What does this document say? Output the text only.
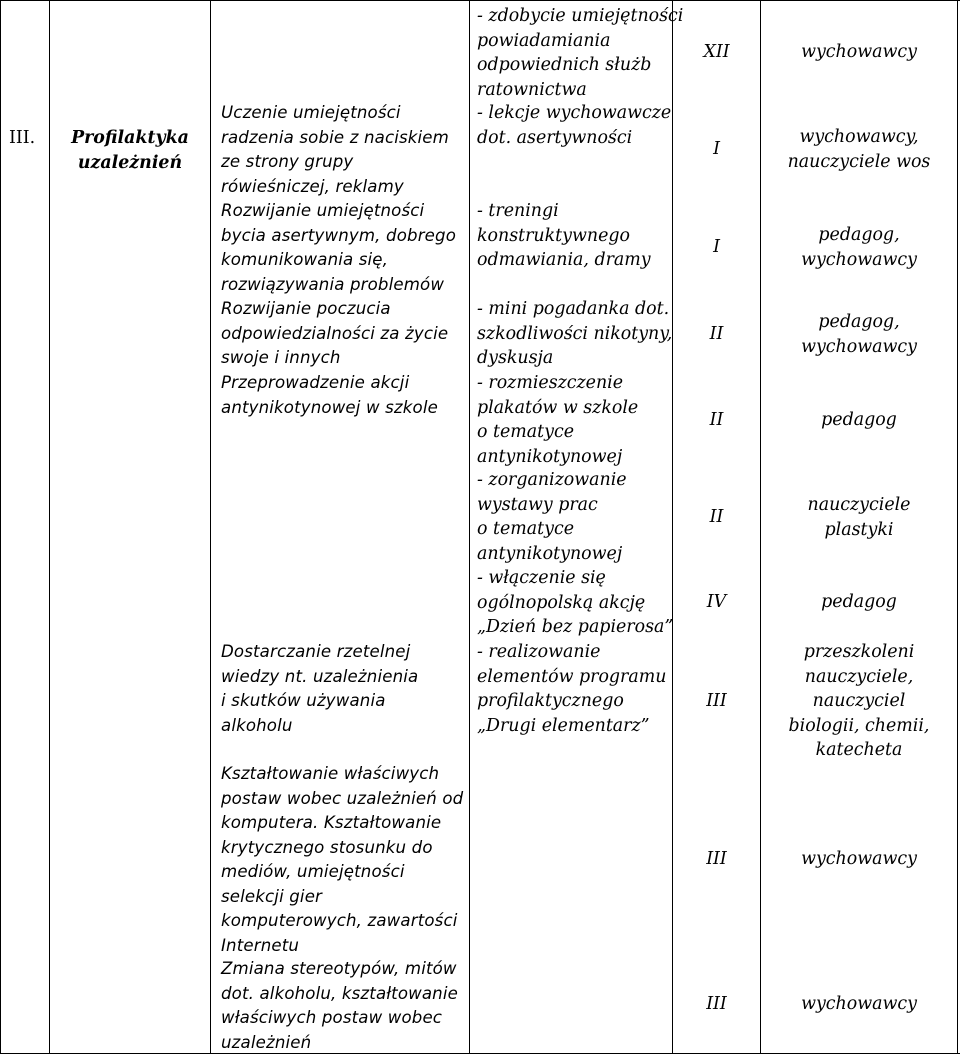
III.	Profilaktyka
uzależnień
Uczenie umiejętności
radzenia sobie z naciskiem
ze strony grupy
rówieśniczej, reklamy
Rozwijanie umiejętności
bycia asertywnym, dobrego
komunikowania się,
rozwiązywania problemów
Rozwijanie poczucia
odpowiedzialności za życie
swoje i innych
Przeprowadzenie akcji
antynikotynowej w szkole
Dostarczanie rzetelnej
wiedzy nt. uzależnienia
i skutków używania
alkoholu
Kształtowanie właściwych
postaw wobec uzależnień od
komputera. Kształtowanie
krytycznego stosunku do
mediów, umiejętności
selekcji gier
komputerowych, zawartości
Internetu
Zmiana stereotypów, mitów
dot. alkoholu, kształtowanie
właściwych postaw wobec
uzależnień
- zdobycie umiejętności
powiadamiania
odpowiednich służb
ratownictwa
- lekcje wychowawcze
dot. asertywności
- treningi
konstruktywnego
odmawiania, dramy
- mini pogadanka dot.
szkodliwości nikotyny,
dyskusja
- rozmieszczenie
plakatów w szkole
o tematyce
antynikotynowej
- zorganizowanie
wystawy prac
o tematyce
antynikotynowej
- włączenie się
ogólnopolską akcję
„Dzień bez papierosa”
- realizowanie
elementów programu
profilaktycznego
„Drugi elementarz”
XII
I
I
II
II
II
IV
III
III
III
wychowawcy
wychowawcy,
nauczyciele wos
pedagog,
wychowawcy
pedagog,
wychowawcy
pedagog
nauczyciele
plastyki
pedagog
przeszkoleni
nauczyciele,
nauczyciel
biologii, chemii,
katecheta
wychowawcy
wychowawcy
